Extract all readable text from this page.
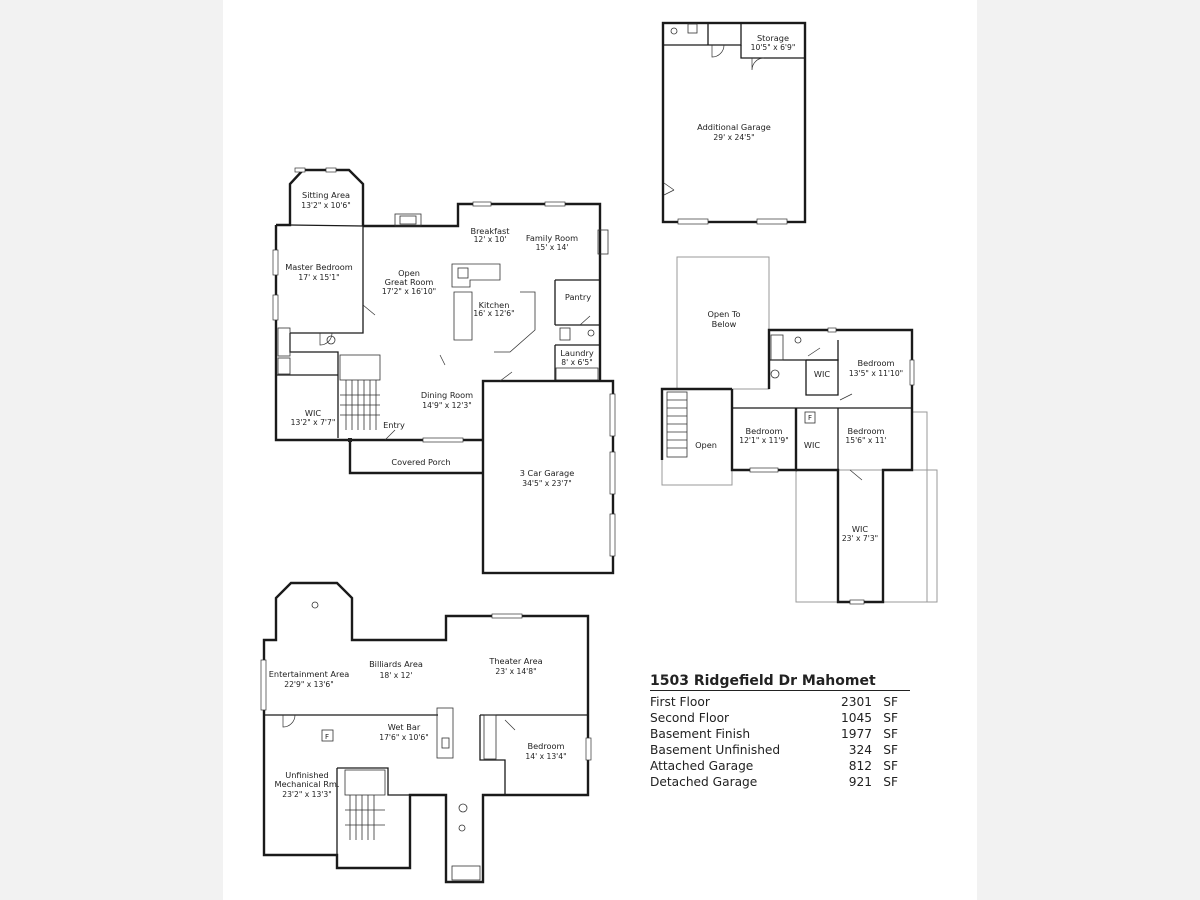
Sitting Area
13'2" x 10'6"
Breakfast
12' x 10' Family Room
15' x 14'
Master Bedroom
17' x 15'1"	Open
Great Room
17'2" x 16'10"
Kitchen
16' x 12'6"
Pantry
Laundry
8' x 6'5"
Dining Room
14'9" x 12'3"
WIC
13'2" x 7'7"	Entry
Covered Porch
3 Car Garage
34'5" x 23'7"
Storage
10'5" x 6'9"
Additional Garage
29' x 24'5"
Open To
Below
WIC
Bedroom
13'5" x 11'10"
Bedroom
12'1" x 11'9" WIC
Bedroom
15'6" x 11'
Open
WIC
23' x 7'3"
Entertainment Area
22'9" x 13'6"
Billiards Area
18' x 12'
Theater Area
23' x 14'8"
Wet Bar
17'6" x 10'6"
Bedroom
14' x 13'4"
Unfinished
Mechanical Rm.
23'2" x 13'3"
F
F
1503 Ridgefield Dr Mahomet
First Floor	2301 SF
Second Floor	1045 SF
Basement Finish	1977 SF
Basement Unfinished	324 SF
Attached Garage	812 SF
Detached Garage	921 SF
